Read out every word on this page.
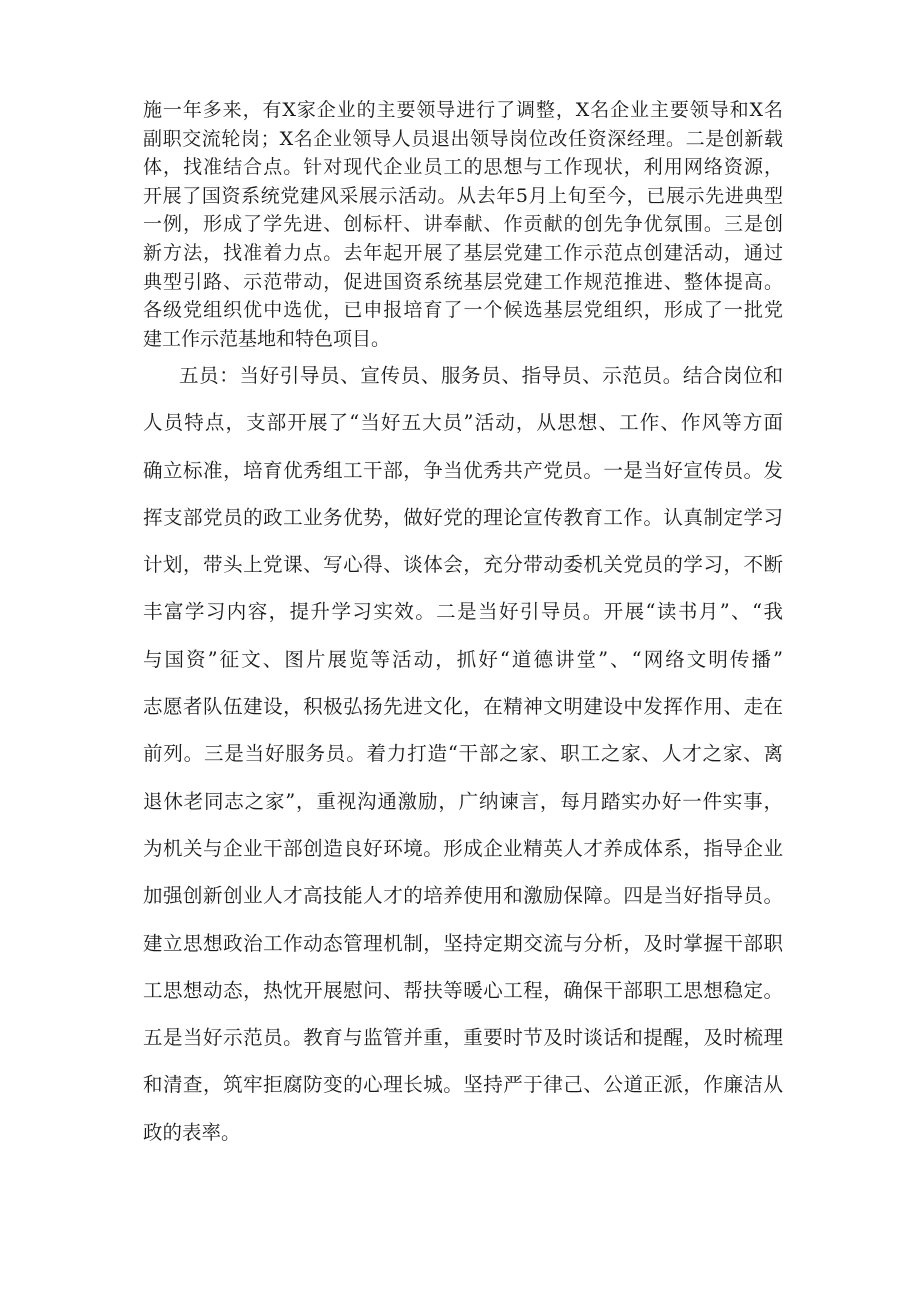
施一年多来，有X家企业的主要领导进行了调整，X名企业主要领导和X名
副职交流轮岗；X名企业领导人员退出领导岗位改任资深经理。二是创新载
体，找准结合点。针对现代企业员工的思想与工作现状，利用网络资源，
开展了国资系统党建风采展示活动。从去年5月上旬至今，已展示先进典型
一例，形成了学先进、创标杆、讲奉献、作贡献的创先争优氛围。三是创
新方法，找准着力点。去年起开展了基层党建工作示范点创建活动，通过
典型引路、示范带动，促进国资系统基层党建工作规范推进、整体提高。
各级党组织优中选优，已申报培育了一个候选基层党组织，形成了一批党
建工作示范基地和特色项目。
五员：当好引导员、宣传员、服务员、指导员、示范员。结合岗位和
人员特点，支部开展了“当好五大员”活动，从思想、工作、作风等方面
确立标准，培育优秀组工干部，争当优秀共产党员。一是当好宣传员。发
挥支部党员的政工业务优势，做好党的理论宣传教育工作。认真制定学习
计划，带头上党课、写心得、谈体会，充分带动委机关党员的学习，不断
丰富学习内容，提升学习实效。二是当好引导员。开展“读书月”、“我
与国资”征文、图片展览等活动，抓好“道德讲堂”、“网络文明传播”
志愿者队伍建设，积极弘扬先进文化，在精神文明建设中发挥作用、走在
前列。三是当好服务员。着力打造“干部之家、职工之家、人才之家、离
退休老同志之家”，重视沟通激励，广纳谏言，每月踏实办好一件实事，
为机关与企业干部创造良好环境。形成企业精英人才养成体系，指导企业
加强创新创业人才高技能人才的培养使用和激励保障。四是当好指导员。
建立思想政治工作动态管理机制，坚持定期交流与分析，及时掌握干部职
工思想动态，热忱开展慰问、帮扶等暖心工程，确保干部职工思想稳定。
五是当好示范员。教育与监管并重，重要时节及时谈话和提醒，及时梳理
和清查，筑牢拒腐防变的心理长城。坚持严于律己、公道正派，作廉洁从
政的表率。
